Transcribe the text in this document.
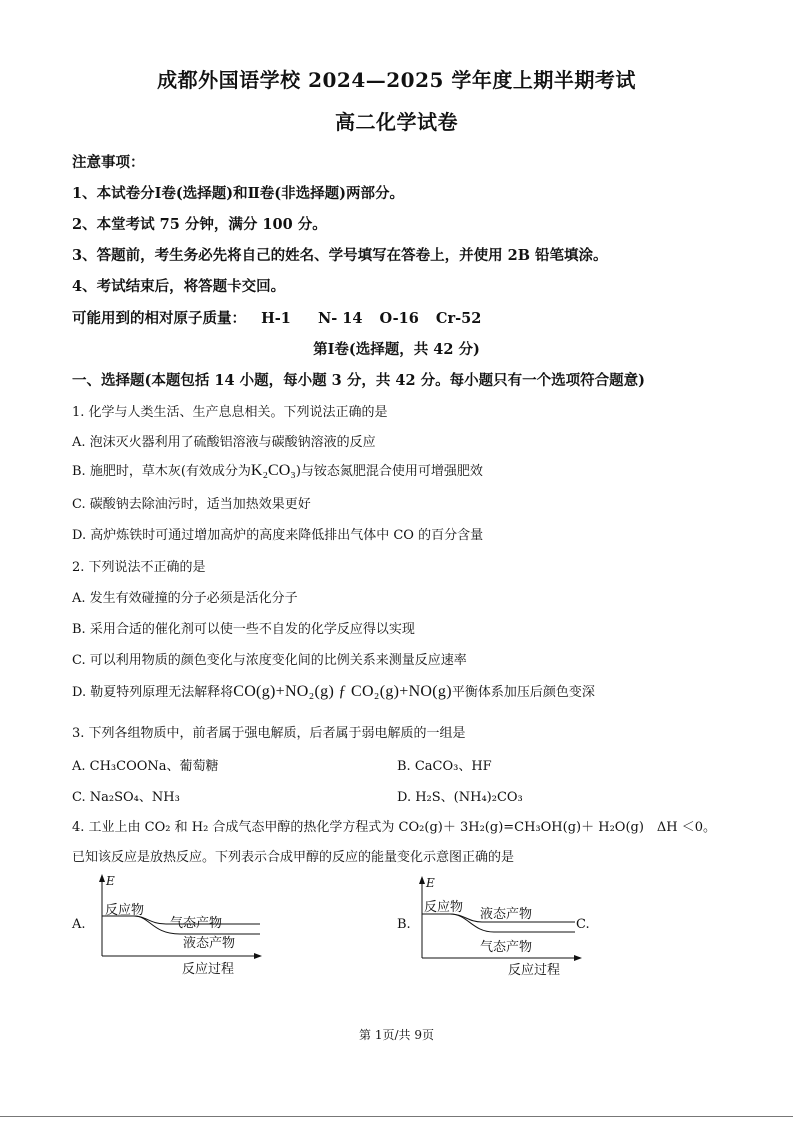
成都外国语学校 2024—2025 学年度上期半期考试
高二化学试卷
注意事项：
1、本试卷分Ⅰ卷(选择题)和Ⅱ卷(非选择题)两部分。
2、本堂考试 75 分钟，满分 100 分。
3、答题前，考生务必先将自己的姓名、学号填写在答卷上，并使用 2B 铅笔填涂。
4、考试结束后，将答题卡交回。
可能用到的相对原子质量： H-1 N- 14 O-16 Cr-52
第Ⅰ卷(选择题，共 42 分)
一、选择题(本题包括 14 小题，每小题 3 分，共 42 分。每小题只有一个选项符合题意)
1. 化学与人类生活、生产息息相关。下列说法正确的是
A. 泡沫灭火器利用了硫酸铝溶液与碳酸钠溶液的反应
B. 施肥时，草木灰(有效成分为K₂CO₃)与铵态氮肥混合使用可增强肥效
C. 碳酸钠去除油污时，适当加热效果更好
D. 高炉炼铁时可通过增加高炉的高度来降低排出气体中 CO 的百分含量
2. 下列说法不正确的是
A. 发生有效碰撞的分子必须是活化分子
B. 采用合适的催化剂可以使一些不自发的化学反应得以实现
C. 可以利用物质的颜色变化与浓度变化间的比例关系来测量反应速率
D. 勒夏特列原理无法解释将CO(g)+NO₂(g) ƒ CO₂(g)+NO(g)平衡体系加压后颜色变深
3. 下列各组物质中，前者属于强电解质，后者属于弱电解质的一组是
A. CH₃COONa、葡萄糖	B. CaCO₃、HF
C. Na₂SO₄、NH₃	D. H₂S、(NH₄)₂CO₃
4. 工业上由 CO₂ 和 H₂ 合成气态甲醇的热化学方程式为 CO₂(g)＋ 3H₂(g)=CH₃OH(g)＋ H₂O(g)　ΔH ＜0。
已知该反应是放热反应。下列表示合成甲醇的反应的能量变化示意图正确的是
A.
E
反应物
气态产物
液态产物
反应过程
B.
E
反应物 液态产物
气态产物
反应过程
C.
第 1页/共 9页
